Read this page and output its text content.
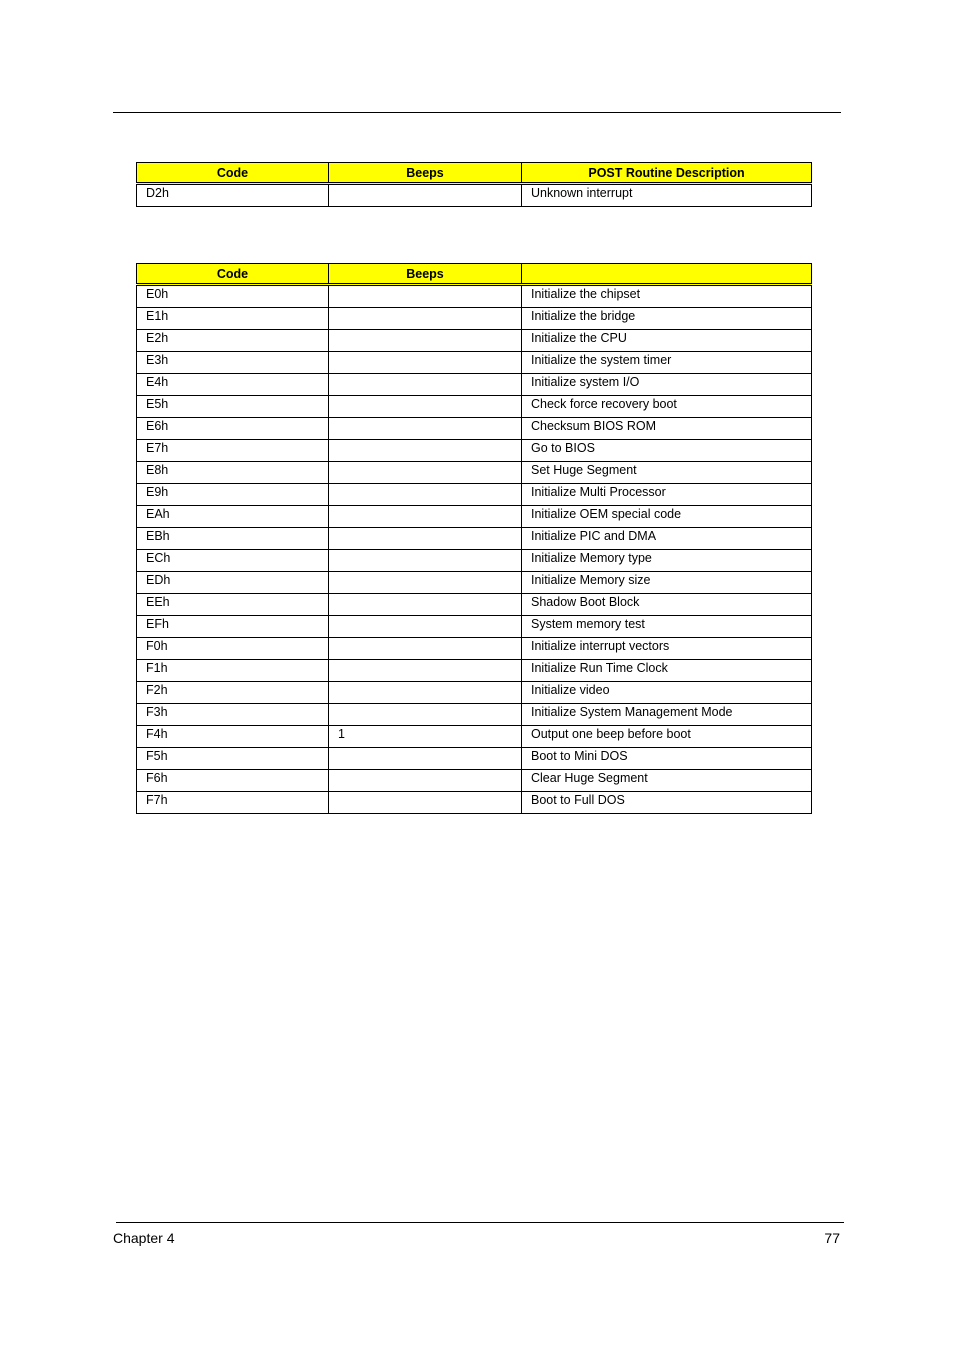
Code	Beeps	POST Routine Description
D2h		Unknown interrupt
Code	Beeps	
E0h		Initialize the chipset
E1h		Initialize the bridge
E2h		Initialize the CPU
E3h		Initialize the system timer
E4h		Initialize system I/O
E5h		Check force recovery boot
E6h		Checksum BIOS ROM
E7h		Go to BIOS
E8h		Set Huge Segment
E9h		Initialize Multi Processor
EAh		Initialize OEM special code
EBh		Initialize PIC and DMA
ECh		Initialize Memory type
EDh		Initialize Memory size
EEh		Shadow Boot Block
EFh		System memory test
F0h		Initialize interrupt vectors
F1h		Initialize Run Time Clock
F2h		Initialize video
F3h		Initialize System Management Mode
F4h	1	Output one beep before boot
F5h		Boot to Mini DOS
F6h		Clear Huge Segment
F7h		Boot to Full DOS
Chapter 4	77
